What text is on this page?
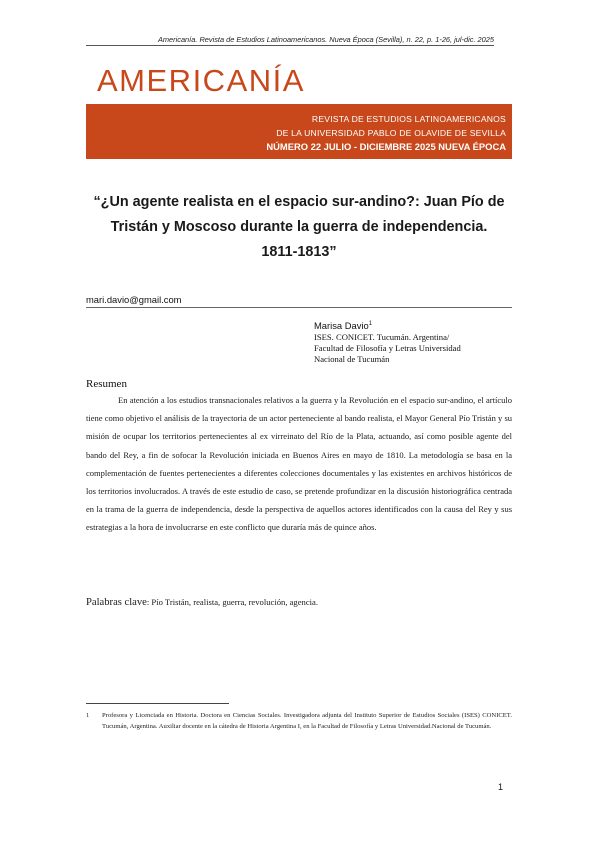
Americanía. Revista de Estudios Latinoamericanos. Nueva Época (Sevilla), n. 22, p. 1-26, jul-dic. 2025
AMERICANÍA
REVISTA DE ESTUDIOS LATINOAMERICANOS
DE LA UNIVERSIDAD PABLO DE OLAVIDE DE SEVILLA
NÚMERO 22 JULIO - DICIEMBRE 2025 NUEVA ÉPOCA
“¿Un agente realista en el espacio sur-andino?: Juan Pío de
Tristán y Moscoso durante la guerra de independencia.
1811-1813”
mari.davio@gmail.com
Marisa Davio$^1$
ISES. CONICET. Tucumán. Argentina/
Facultad de Filosofía y Letras Universidad
Nacional de Tucumán
Resumen

En atención a los estudios transnacionales relativos a la guerra y la Revolución en el espacio sur-andino, el artículo tiene como objetivo el análisis de la trayectoria de un actor perteneciente al bando realista, el Mayor General Pío Tristán y su misión de ocupar los territorios pertenecientes al ex virreinato del Río de la Plata, actuando, así como posible agente del bando del Rey, a fin de sofocar la Revolución iniciada en Buenos Aires en mayo de 1810. La metodología se basa en la complementación de fuentes pertenecientes a diferentes colecciones documentales y las existentes en archivos históricos de los territorios involucrados. A través de este estudio de caso, se pretende profundizar en la discusión historiográfica centrada en la trama de la guerra de independencia, desde la perspectiva de aquellos actores identificados con la causa del Rey y sus estrategias a la hora de involucrarse en este conflicto que duraría más de quince años.

Palabras clave: Pío Tristán, realista, guerra, revolución, agencia.
1 Profesora y Licenciada en Historia. Doctora en Ciencias Sociales. Investigadora adjunta del Instituto Superior de Estudios Sociales (ISES) CONICET. Tucumán, Argentina. Auxiliar docente en la cátedra de Historia Argentina I, en la Facultad de Filosofía y Letras Universidad.Nacional de Tucumán.
1
